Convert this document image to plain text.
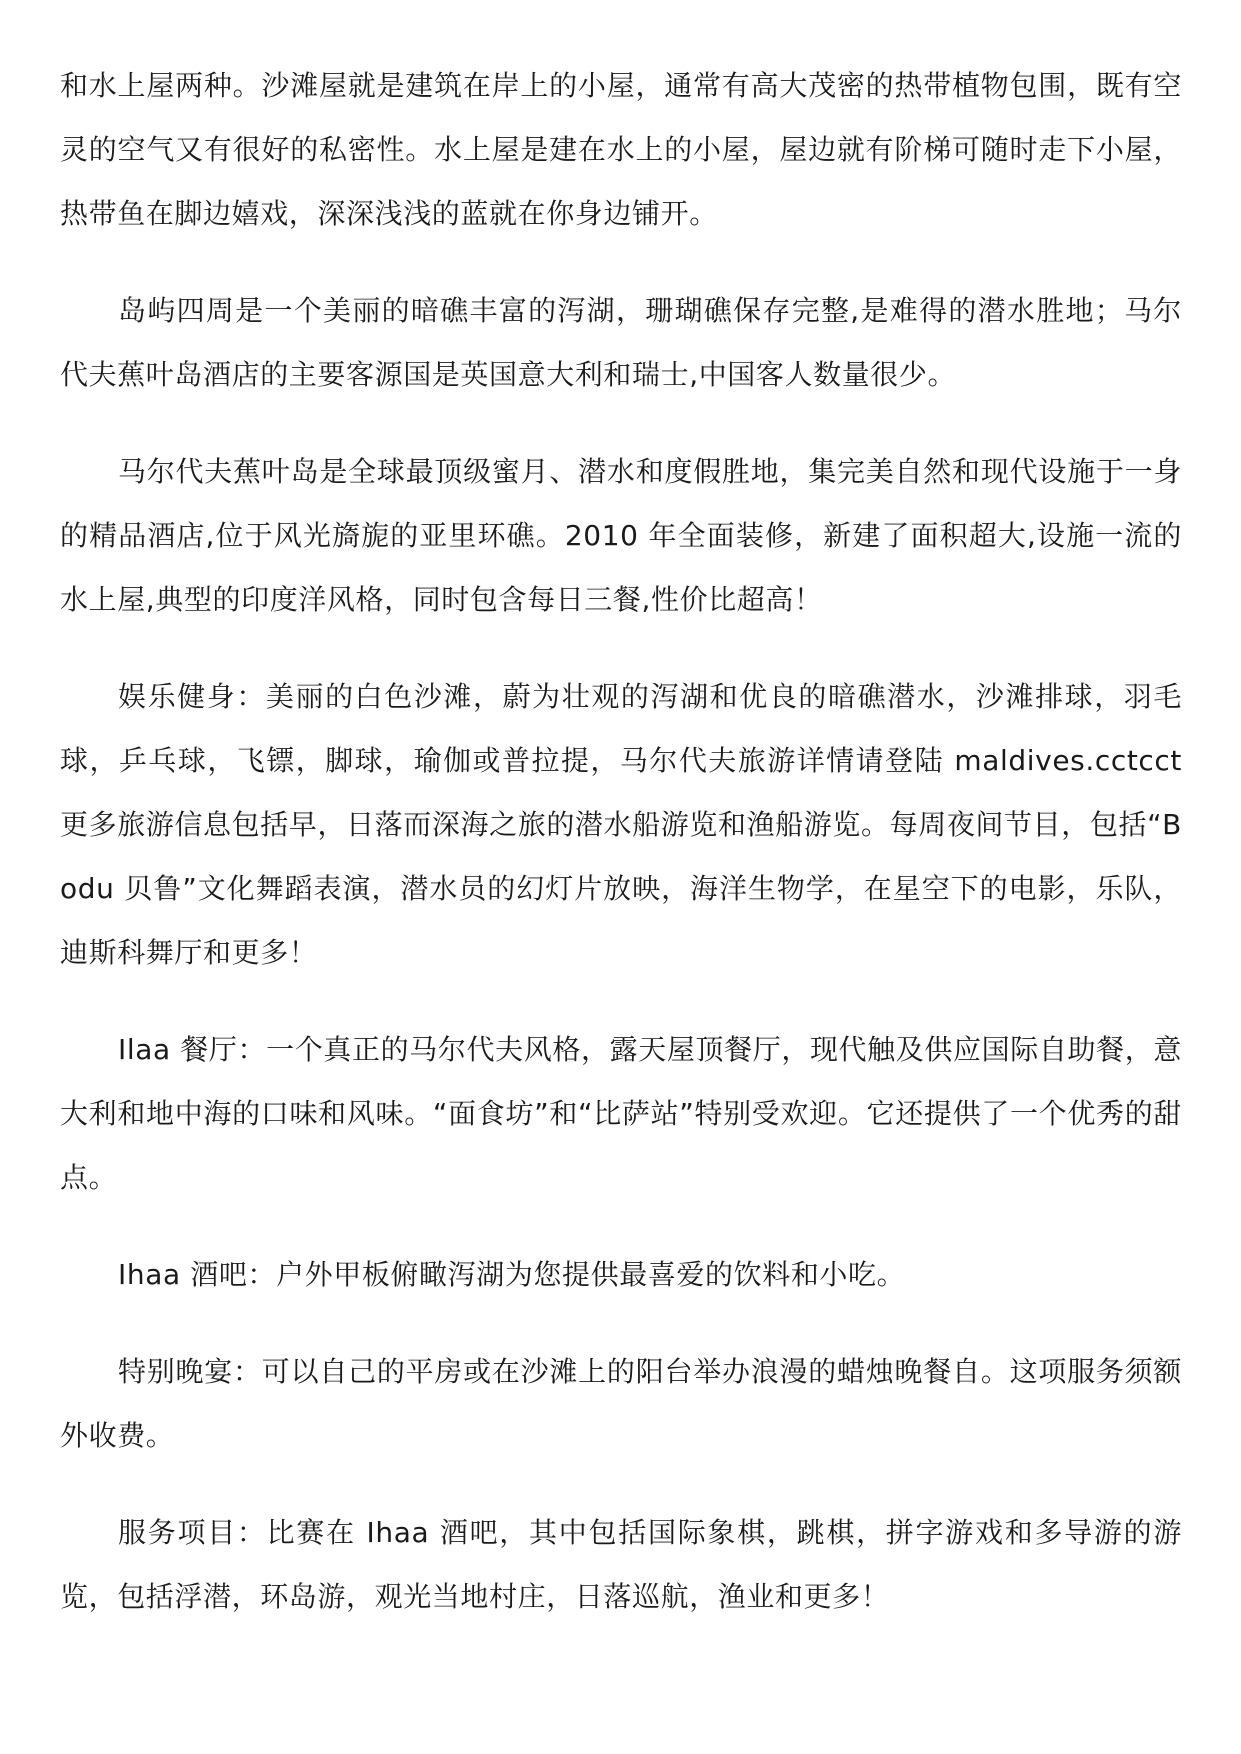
和水上屋两种。沙滩屋就是建筑在岸上的小屋，通常有高大茂密的热带植物包围，既有空灵的空气又有很好的私密性。水上屋是建在水上的小屋，屋边就有阶梯可随时走下小屋，热带鱼在脚边嬉戏，深深浅浅的蓝就在你身边铺开。

岛屿四周是一个美丽的暗礁丰富的泻湖，珊瑚礁保存完整,是难得的潜水胜地；马尔代夫蕉叶岛酒店的主要客源国是英国意大利和瑞士,中国客人数量很少。

马尔代夫蕉叶岛是全球最顶级蜜月、潜水和度假胜地，集完美自然和现代设施于一身的精品酒店,位于风光旖旎的亚里环礁。2010 年全面装修，新建了面积超大,设施一流的水上屋,典型的印度洋风格，同时包含每日三餐,性价比超高！

娱乐健身：美丽的白色沙滩，蔚为壮观的泻湖和优良的暗礁潜水，沙滩排球，羽毛球，乒乓球，飞镖，脚球，瑜伽或普拉提，马尔代夫旅游详情请登陆 maldives.cctcct 更多旅游信息包括早，日落而深海之旅的潜水船游览和渔船游览。每周夜间节目，包括“Bodu 贝鲁”文化舞蹈表演，潜水员的幻灯片放映，海洋生物学，在星空下的电影，乐队，迪斯科舞厅和更多！

Ilaa 餐厅：一个真正的马尔代夫风格，露天屋顶餐厅，现代触及供应国际自助餐，意大利和地中海的口味和风味。“面食坊”和“比萨站”特别受欢迎。它还提供了一个优秀的甜点。

Ihaa 酒吧：户外甲板俯瞰泻湖为您提供最喜爱的饮料和小吃。

特别晚宴：可以自己的平房或在沙滩上的阳台举办浪漫的蜡烛晚餐自。这项服务须额外收费。

服务项目：比赛在 Ihaa 酒吧，其中包括国际象棋，跳棋，拼字游戏和多导游的游览，包括浮潜，环岛游，观光当地村庄，日落巡航，渔业和更多！
